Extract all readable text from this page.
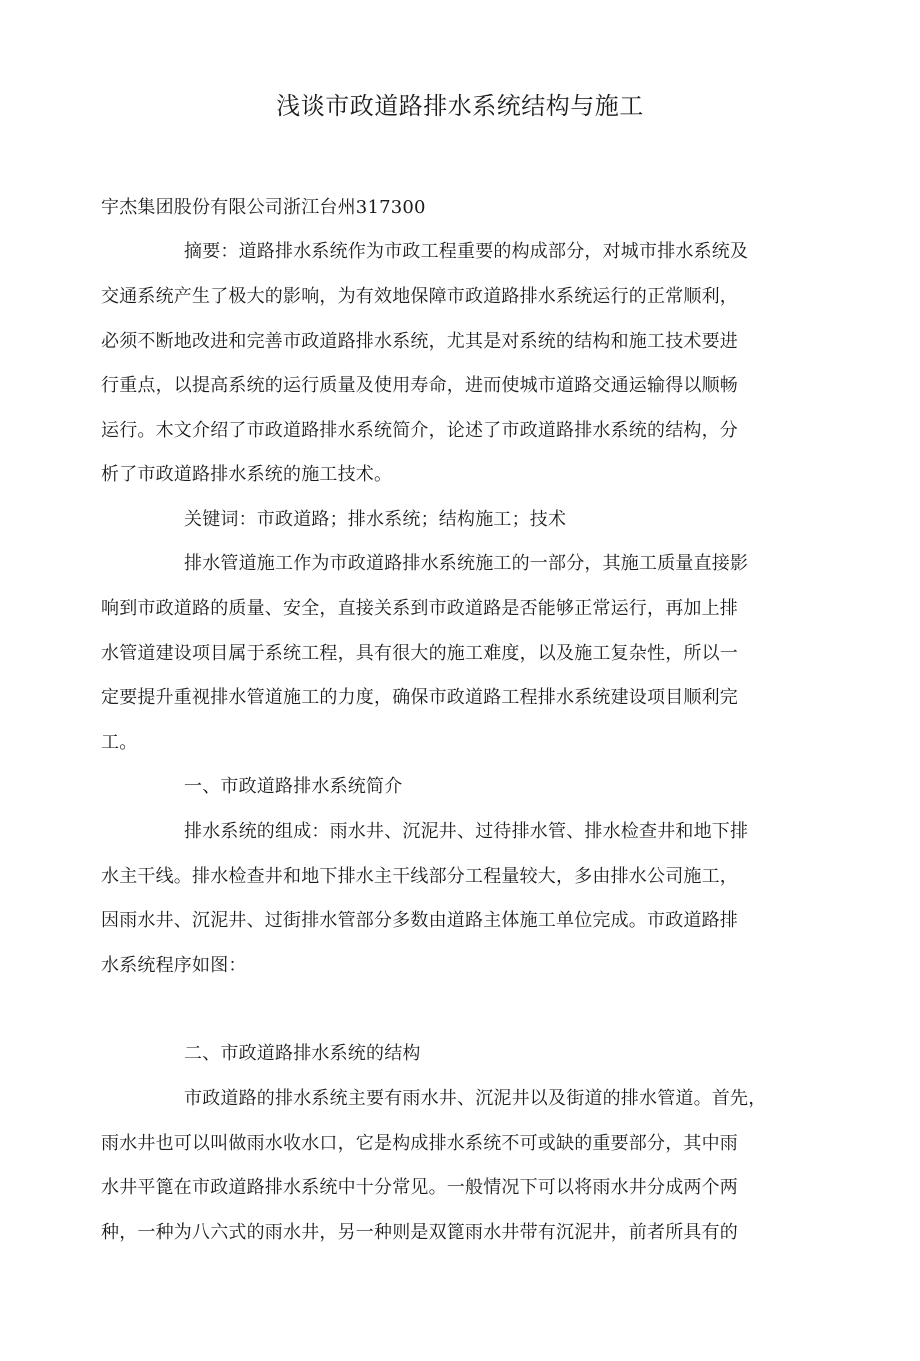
浅谈市政道路排水系统结构与施工
宇杰集团股份有限公司浙江台州317300
摘要：道路排水系统作为市政工程重要的构成部分，对城市排水系统及
交通系统产生了极大的影响，为有效地保障市政道路排水系统运行的正常顺利，
必须不断地改进和完善市政道路排水系统，尤其是对系统的结构和施工技术要进
行重点，以提高系统的运行质量及使用寿命，进而使城市道路交通运输得以顺畅
运行。木文介绍了市政道路排水系统简介，论述了市政道路排水系统的结构，分
析了市政道路排水系统的施工技术。
关键词：市政道路；排水系统；结构施工；技术
排水管道施工作为市政道路排水系统施工的一部分，其施工质量直接影
响到市政道路的质量、安全，直接关系到市政道路是否能够正常运行，再加上排
水管道建设项目属于系统工程，具有很大的施工难度，以及施工复杂性，所以一
定要提升重视排水管道施工的力度，确保市政道路工程排水系统建设项目顺利完
工。
一、市政道路排水系统简介
排水系统的组成：雨水井、沉泥井、过待排水管、排水检查井和地下排
水主干线。排水检查井和地下排水主干线部分工程量较大，多由排水公司施工，
因雨水井、沉泥井、过街排水管部分多数由道路主体施工单位完成。市政道路排
水系统程序如图：
二、市政道路排水系统的结构
市政道路的排水系统主要有雨水井、沉泥井以及街道的排水管道。首先，
雨水井也可以叫做雨水收水口，它是构成排水系统不可或缺的重要部分，其中雨
水井平篦在市政道路排水系统中十分常见。一般情况下可以将雨水井分成两个两
种，一种为八六式的雨水井，另一种则是双篦雨水井带有沉泥井，前者所具有的
